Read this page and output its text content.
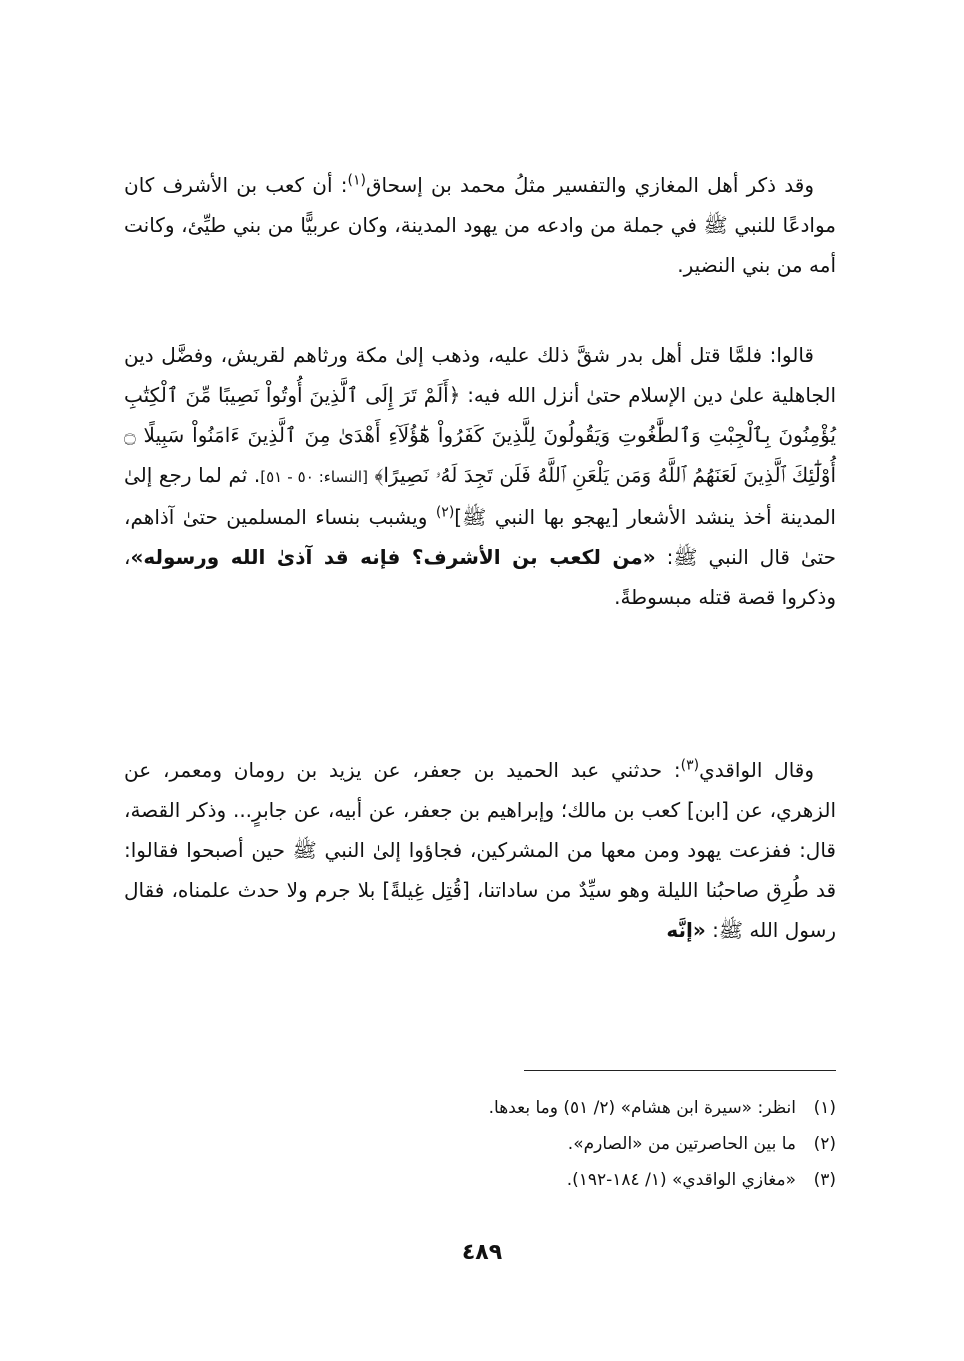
وقد ذكر أهل المغازي والتفسير مثلُ محمد بن إسحاق$^{(١)}$: أن كعب بن الأشرف كان موادعًا للنبي ﷺ في جملة من وادعه من يهود المدينة، وكان عربيًّا من بني طيِّئ، وكانت أمه من بني النضير.

قالوا: فلمَّا قتل أهل بدر شقَّ ذلك عليه، وذهب إلىٰ مكة ورثاهم لقريش، وفضَّل دين الجاهلية علىٰ دين الإسلام حتىٰ أنزل الله فيه: ﴿أَلَمْ تَرَ إِلَى ٱلَّذِينَ أُوتُواْ نَصِيبًا مِّنَ ٱلْكِتَٰبِ يُؤْمِنُونَ بِٱلْجِبْتِ وَٱلطَّٰغُوتِ وَيَقُولُونَ لِلَّذِينَ كَفَرُواْ هَٰٓؤُلَآءِ أَهْدَىٰ مِنَ ٱلَّذِينَ ءَامَنُواْ سَبِيلًا ۝ أُوْلَٰٓئِكَ ٱلَّذِينَ لَعَنَهُمُ ٱللَّهُ وَمَن يَلْعَنِ ٱللَّهُ فَلَن تَجِدَ لَهُۥ نَصِيرًا﴾ [النساء: ٥٠ - ٥١]. ثم لما رجع إلىٰ المدينة أخذ ينشد الأشعار [يهجو بها النبي ﷺ]$^{(٢)}$ ويشبب بنساء المسلمين حتىٰ آذاهم، حتىٰ قال النبي ﷺ: «من لكعب بن الأشرف؟ فإنه قد آذىٰ الله ورسوله»، وذكروا قصة قتله مبسوطةً.

وقال الواقدي$^{(٣)}$: حدثني عبد الحميد بن جعفر، عن يزيد بن رومان ومعمر، عن الزهري، عن [ابن] كعب بن مالك؛ وإبراهيم بن جعفر، عن أبيه، عن جابرٍ... وذكر القصة، قال: ففزعت يهود ومن معها من المشركين، فجاؤوا إلىٰ النبي ﷺ حين أصبحوا فقالوا: قد طُرِق صاحبُنا الليلة وهو سيِّدٌ من ساداتنا، [قُتِل غِيلةً] بلا جرم ولا حدث علمناه، فقال رسول الله ﷺ: «إنَّه

(١)انظر: «سيرة ابن هشام» (٢/ ٥١) وما بعدها.
(٢)ما بين الحاصرتين من «الصارم».
(٣)«مغازي الواقدي» (١/ ١٨٤-١٩٢).
٤٨٩
